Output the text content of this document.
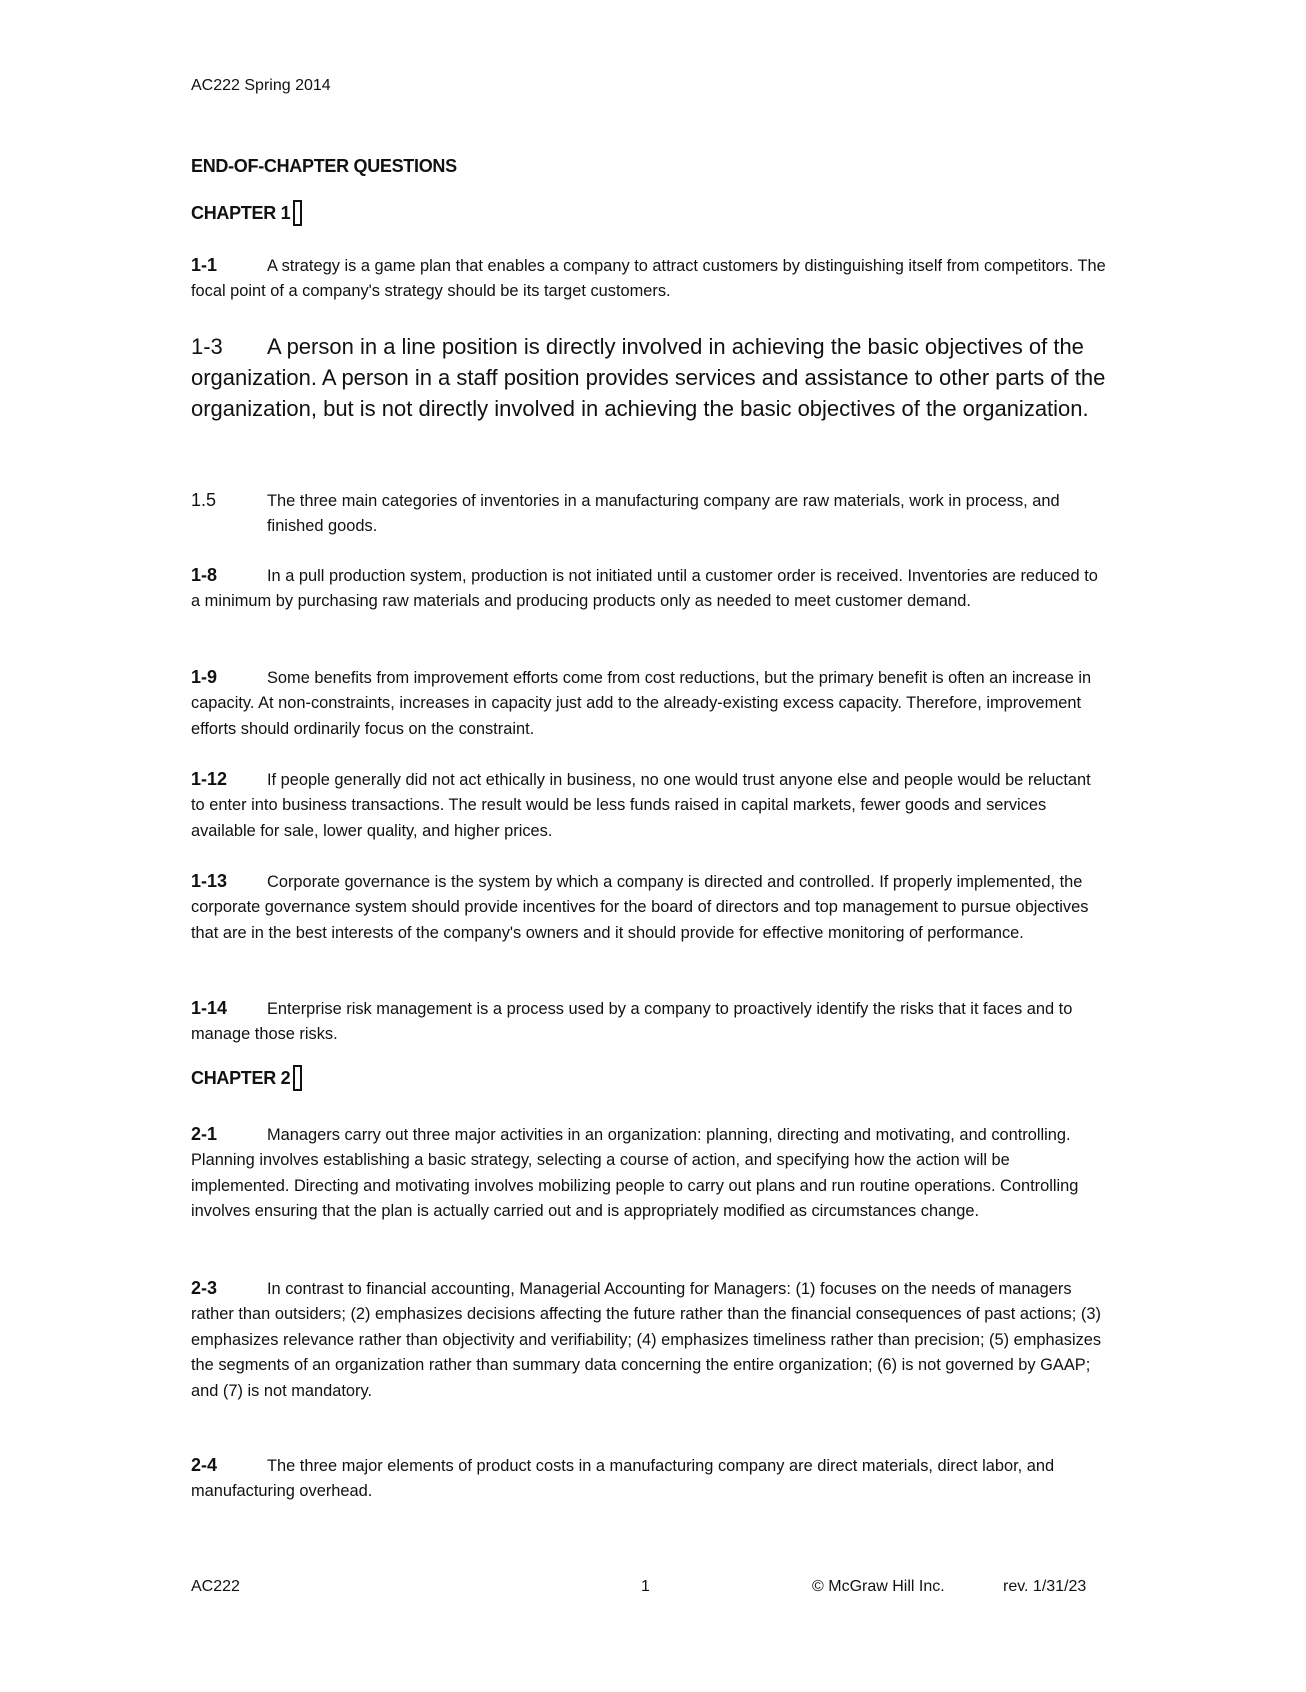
AC222 Spring 2014
END-OF-CHAPTER QUESTIONS
CHAPTER 1
1-1	A strategy is a game plan that enables a company to attract customers by distinguishing itself from competitors. The focal point of a company's strategy should be its target customers.
1-3 A person in a line position is directly involved in achieving the basic objectives of the organization. A person in a staff position provides services and assistance to other parts of the organization, but is not directly involved in achieving the basic objectives of the organization.
1.5	The three main categories of inventories in a manufacturing company are raw materials, work in process, and finished goods.
1-8	In a pull production system, production is not initiated until a customer order is received. Inventories are reduced to a minimum by purchasing raw materials and producing products only as needed to meet customer demand.
1-9	Some benefits from improvement efforts come from cost reductions, but the primary benefit is often an increase in capacity. At non-constraints, increases in capacity just add to the already-existing excess capacity. Therefore, improvement efforts should ordinarily focus on the constraint.
1-12 If people generally did not act ethically in business, no one would trust anyone else and people would be reluctant to enter into business transactions. The result would be less funds raised in capital markets, fewer goods and services available for sale, lower quality, and higher prices.
1-13 Corporate governance is the system by which a company is directed and controlled. If properly implemented, the corporate governance system should provide incentives for the board of directors and top management to pursue objectives that are in the best interests of the company's owners and it should provide for effective monitoring of performance.
1-14 Enterprise risk management is a process used by a company to proactively identify the risks that it faces and to manage those risks.
CHAPTER 2
2-1	Managers carry out three major activities in an organization: planning, directing and motivating, and controlling. Planning involves establishing a basic strategy, selecting a course of action, and specifying how the action will be implemented. Directing and motivating involves mobilizing people to carry out plans and run routine operations. Controlling involves ensuring that the plan is actually carried out and is appropriately modified as circumstances change.
2-3	In contrast to financial accounting, Managerial Accounting for Managers: (1) focuses on the needs of managers rather than outsiders; (2) emphasizes decisions affecting the future rather than the financial consequences of past actions; (3) emphasizes relevance rather than objectivity and verifiability; (4) emphasizes timeliness rather than precision; (5) emphasizes the segments of an organization rather than summary data concerning the entire organization; (6) is not governed by GAAP; and (7) is not mandatory.
2-4	The three major elements of product costs in a manufacturing company are direct materials, direct labor, and manufacturing overhead.
AC222	1	© McGraw Hill Inc.	rev. 1/31/23
